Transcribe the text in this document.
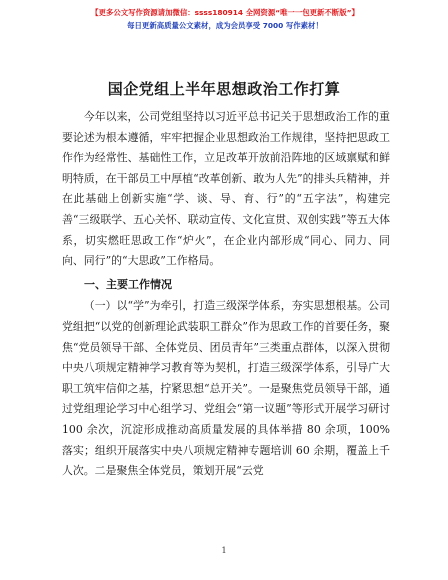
【更多公文写作资源请加微信：ssss180914 全网资源“唯一一包更新不断版”】
每日更新高质量公文素材，成为会员享受 7000 写作素材！
国企党组上半年思想政治工作打算

今年以来，公司党组坚持以习近平总书记关于思想政治工作的重要论述为根本遵循，牢牢把握企业思想政治工作规律，坚持把思政工作作为经常性、基础性工作，立足改革开放前沿阵地的区域禀赋和鲜明特质，在干部员工中厚植“改革创新、敢为人先”的排头兵精神，并在此基础上创新实施“学、谈、导、育、行”的“五字法”，构建完善“三级联学、五心关怀、联动宣传、文化宣贯、双创实践”等五大体系，切实燃旺思政工作“炉火”，在企业内部形成“同心、同力、同向、同行”的“大思政”工作格局。

一、主要工作情况

（一）以“学”为牵引，打造三级深学体系，夯实思想根基。公司党组把“以党的创新理论武装职工群众”作为思政工作的首要任务，聚焦“党员领导干部、全体党员、团员青年”三类重点群体，以深入贯彻中央八项规定精神学习教育等为契机，打造三级深学体系，引导广大职工筑牢信仰之基，拧紧思想“总开关”。一是聚焦党员领导干部，通过党组理论学习中心组学习、党组会“第一议题”等形式开展学习研讨 100 余次，沉淀形成推动高质量发展的具体举措 80 余项，100% 落实；组织开展落实中央八项规定精神专题培训 60 余期，覆盖上千人次。二是聚焦全体党员，策划开展“云党

1
